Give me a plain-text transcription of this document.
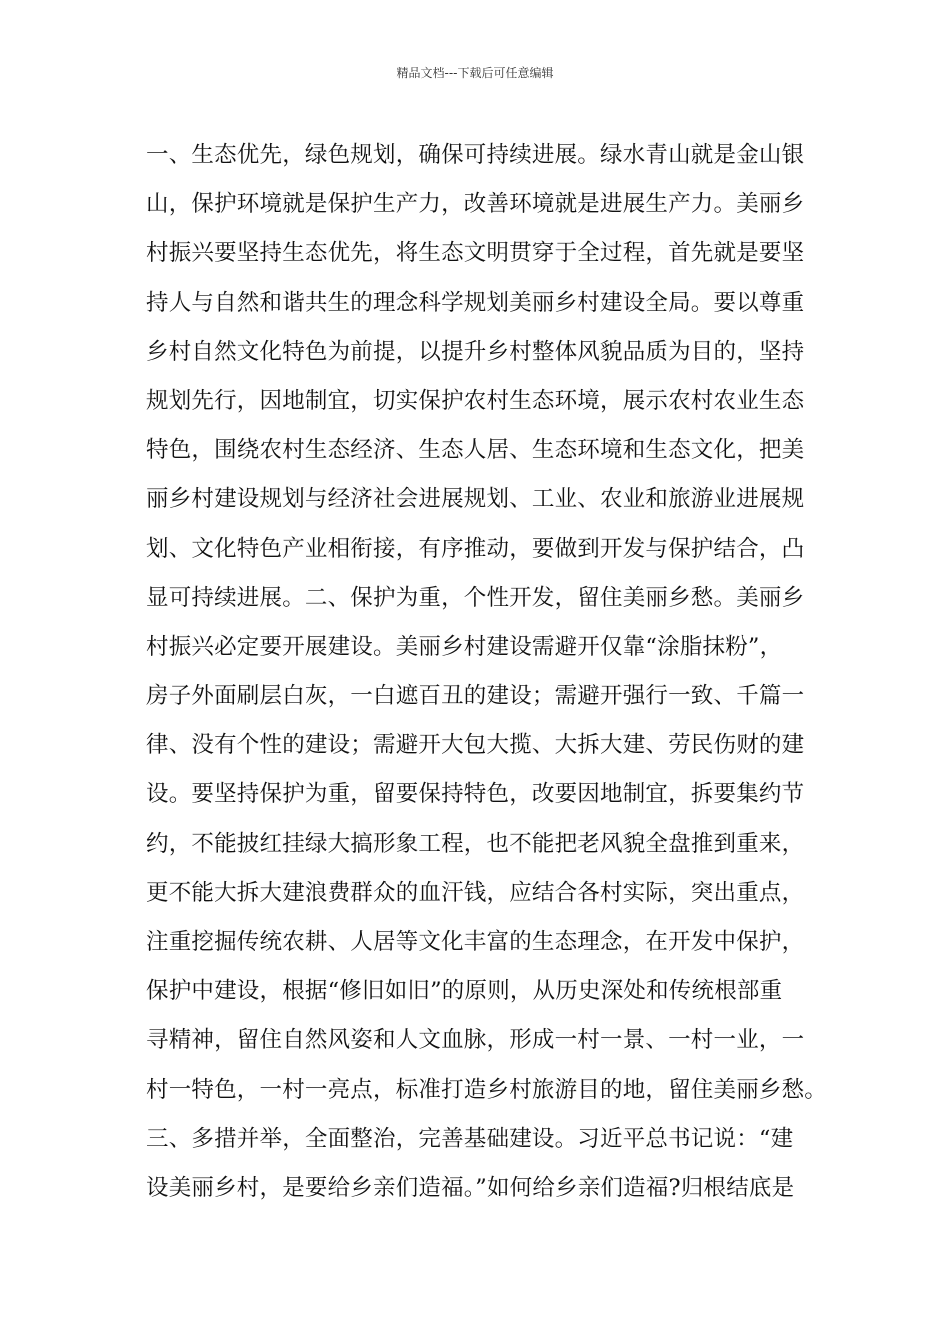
精品文档---下载后可任意编辑
一、生态优先，绿色规划，确保可持续进展。绿水青山就是金山银
山，保护环境就是保护生产力，改善环境就是进展生产力。美丽乡
村振兴要坚持生态优先，将生态文明贯穿于全过程，首先就是要坚
持人与自然和谐共生的理念科学规划美丽乡村建设全局。要以尊重
乡村自然文化特色为前提，以提升乡村整体风貌品质为目的，坚持
规划先行，因地制宜，切实保护农村生态环境，展示农村农业生态
特色，围绕农村生态经济、生态人居、生态环境和生态文化，把美
丽乡村建设规划与经济社会进展规划、工业、农业和旅游业进展规
划、文化特色产业相衔接，有序推动，要做到开发与保护结合，凸
显可持续进展。二、保护为重，个性开发，留住美丽乡愁。美丽乡
村振兴必定要开展建设。美丽乡村建设需避开仅靠“涂脂抹粉”，
房子外面刷层白灰，一白遮百丑的建设；需避开强行一致、千篇一
律、没有个性的建设；需避开大包大揽、大拆大建、劳民伤财的建
设。要坚持保护为重，留要保持特色，改要因地制宜，拆要集约节
约，不能披红挂绿大搞形象工程，也不能把老风貌全盘推到重来，
更不能大拆大建浪费群众的血汗钱，应结合各村实际，突出重点，
注重挖掘传统农耕、人居等文化丰富的生态理念，在开发中保护，
保护中建设，根据“修旧如旧”的原则，从历史深处和传统根部重
寻精神，留住自然风姿和人文血脉，形成一村一景、一村一业，一
村一特色，一村一亮点，标准打造乡村旅游目的地，留住美丽乡愁。
三、多措并举，全面整治，完善基础建设。习近平总书记说：“建
设美丽乡村，是要给乡亲们造福。”如何给乡亲们造福?归根结底是
